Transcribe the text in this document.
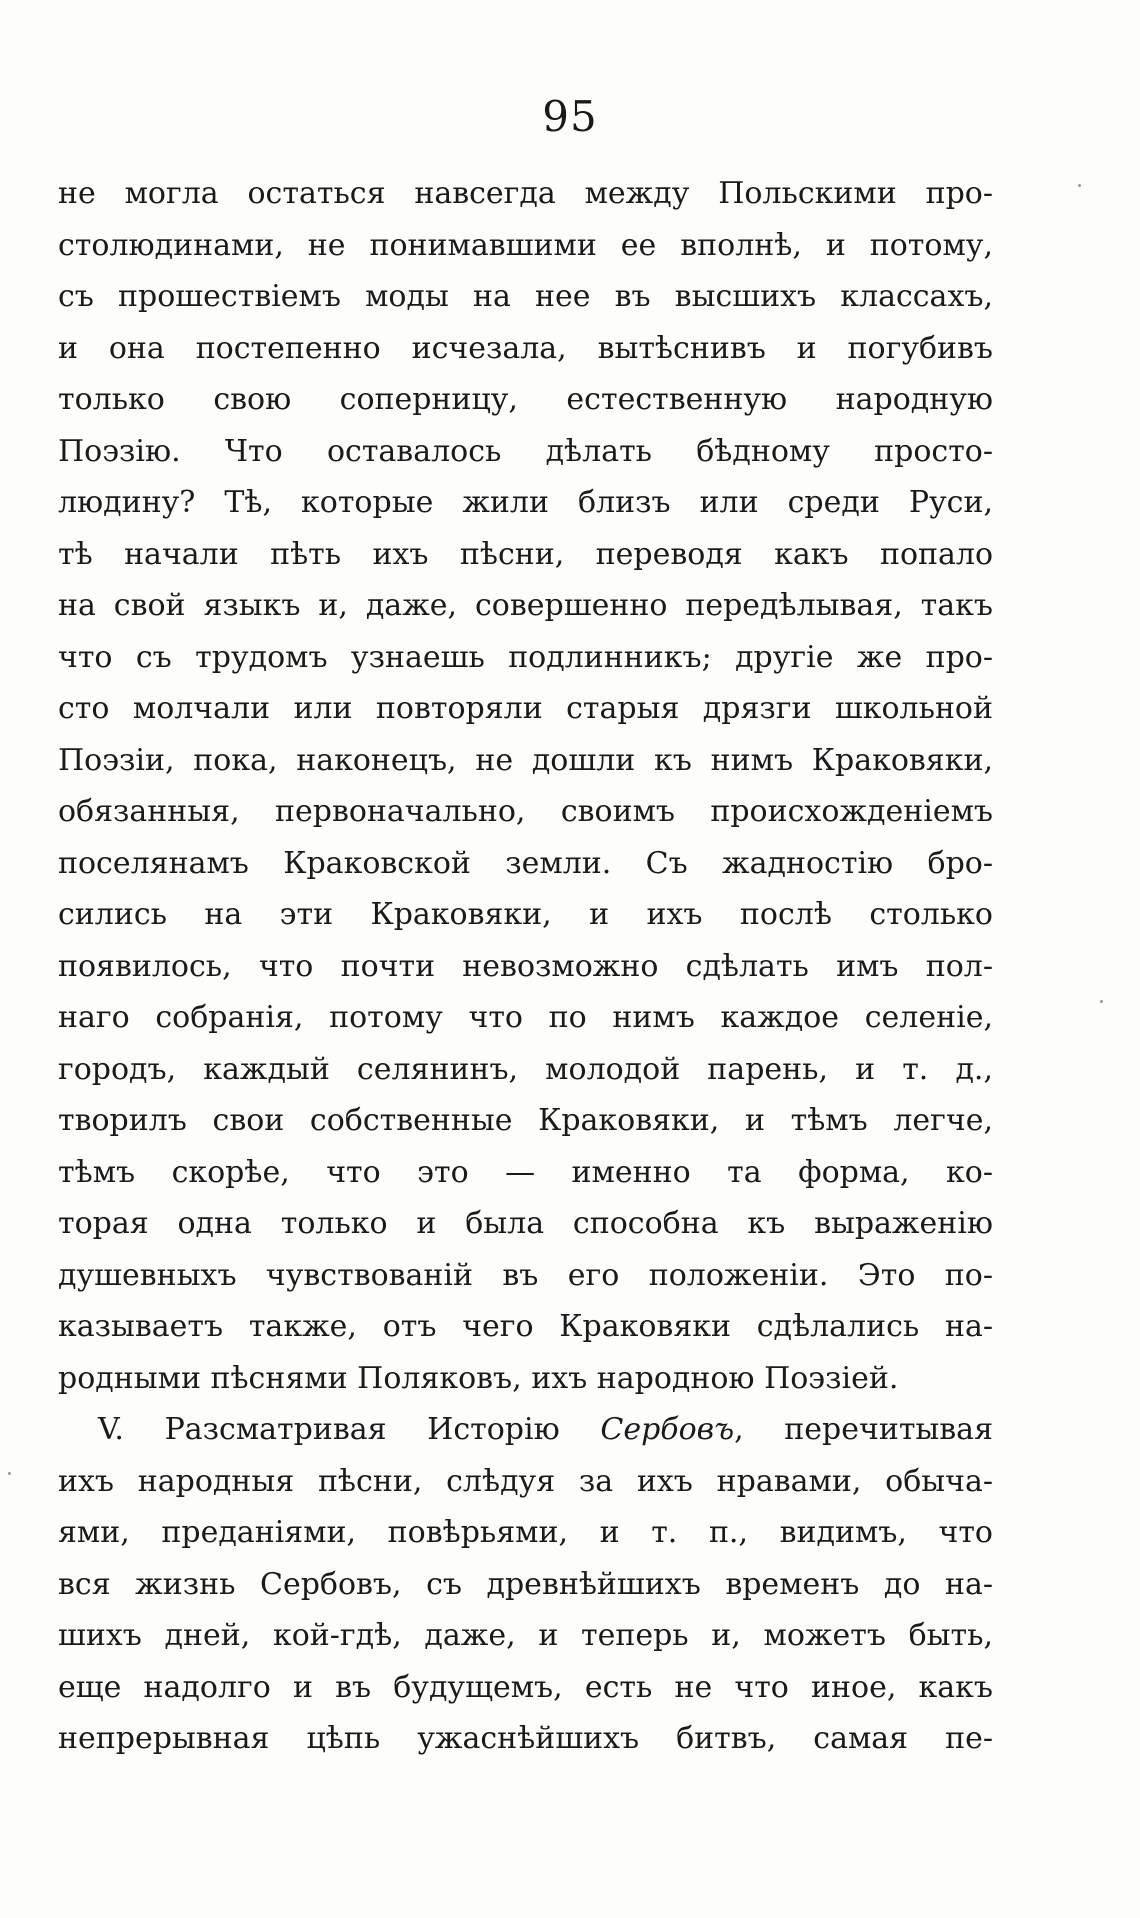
95
не могла остаться навсегда между Польскими про-
столюдинами, не понимавшими ее вполнѣ, и потому,
съ прошествіемъ моды на нее въ высшихъ классахъ,
и она постепенно исчезала, вытѣснивъ и погубивъ
только свою соперницу, естественную народную
Поэзію. Что оставалось дѣлать бѣдному просто-
людину? Тѣ, которые жили близъ или среди Руси,
тѣ начали пѣть ихъ пѣсни, переводя какъ попало
на свой языкъ и, даже, совершенно передѣлывая, такъ
что съ трудомъ узнаешь подлинникъ; другіе же про-
сто молчали или повторяли старыя дрязги школьной
Поэзіи, пока, наконецъ, не дошли къ нимъ Краковяки,
обязанныя, первоначально, своимъ происхожденіемъ
поселянамъ Краковской земли. Съ жадностію бро-
сились на эти Краковяки, и ихъ послѣ столько
появилось, что почти невозможно сдѣлать имъ пол-
наго собранія, потому что по нимъ каждое селеніе,
городъ, каждый селянинъ, молодой парень, и т. д.,
творилъ свои собственные Краковяки, и тѣмъ легче,
тѣмъ скорѣе, что это — именно та форма, ко-
торая одна только и была способна къ выраженію
душевныхъ чувствованій въ его положеніи. Это по-
казываетъ также, отъ чего Краковяки сдѣлались на-
родными пѣснями Поляковъ, ихъ народною Поэзіей.
V. Разсматривая Исторію Сербовъ, перечитывая
ихъ народныя пѣсни, слѣдуя за ихъ нравами, обыча-
ями, преданіями, повѣрьями, и т. п., видимъ, что
вся жизнь Сербовъ, съ древнѣйшихъ временъ до на-
шихъ дней, кой-гдѣ, даже, и теперь и, можетъ быть,
еще надолго и въ будущемъ, есть не что иное, какъ
непрерывная цѣпь ужаснѣйшихъ битвъ, самая пе-
